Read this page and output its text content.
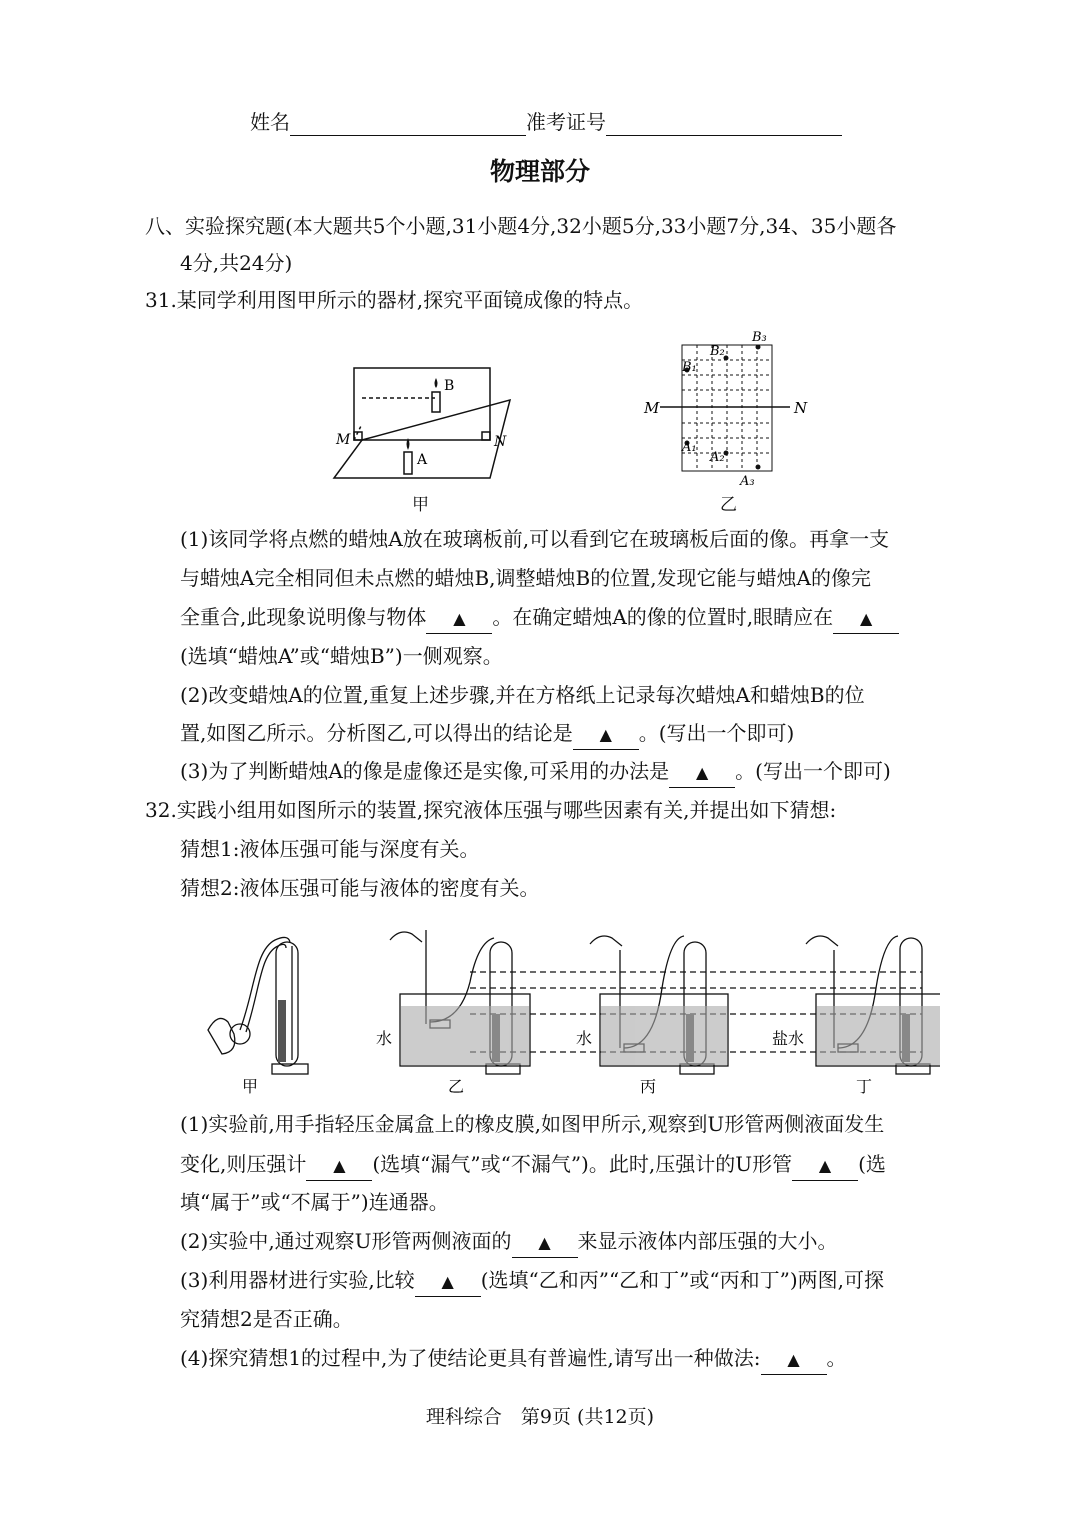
姓名	准考证号
物理部分
八、实验探究题(本大题共5个小题,31小题4分,32小题5分,33小题7分,34、35小题各
4分,共24分)
31.某同学利用图甲所示的器材,探究平面镜成像的特点。
B
A
M	N
甲
M	N
B₁
B₂
B₃
A₁
A₂
A₃
乙
(1)该同学将点燃的蜡烛A放在玻璃板前,可以看到它在玻璃板后面的像。再拿一支
与蜡烛A完全相同但未点燃的蜡烛B,调整蜡烛B的位置,发现它能与蜡烛A的像完
全重合,此现象说明像与物体 ▲ 。在确定蜡烛A的像的位置时,眼睛应在 ▲
(选填“蜡烛A”或“蜡烛B”)一侧观察。
(2)改变蜡烛A的位置,重复上述步骤,并在方格纸上记录每次蜡烛A和蜡烛B的位
置,如图乙所示。分析图乙,可以得出的结论是 ▲ 。(写出一个即可)
(3)为了判断蜡烛A的像是虚像还是实像,可采用的办法是 ▲ 。(写出一个即可)
32.实践小组用如图所示的装置,探究液体压强与哪些因素有关,并提出如下猜想:
猜想1:液体压强可能与深度有关。
猜想2:液体压强可能与液体的密度有关。
水	水	盐水
甲	乙	丙	丁
(1)实验前,用手指轻压金属盒上的橡皮膜,如图甲所示,观察到U形管两侧液面发生
变化,则压强计 ▲ (选填“漏气”或“不漏气”)。此时,压强计的U形管 ▲ (选
填“属于”或“不属于”)连通器。
(2)实验中,通过观察U形管两侧液面的 ▲ 来显示液体内部压强的大小。
(3)利用器材进行实验,比较 ▲ (选填“乙和丙”“乙和丁”或“丙和丁”)两图,可探
究猜想2是否正确。
(4)探究猜想1的过程中,为了使结论更具有普遍性,请写出一种做法: ▲ 。
理科综合　第9页 (共12页)
